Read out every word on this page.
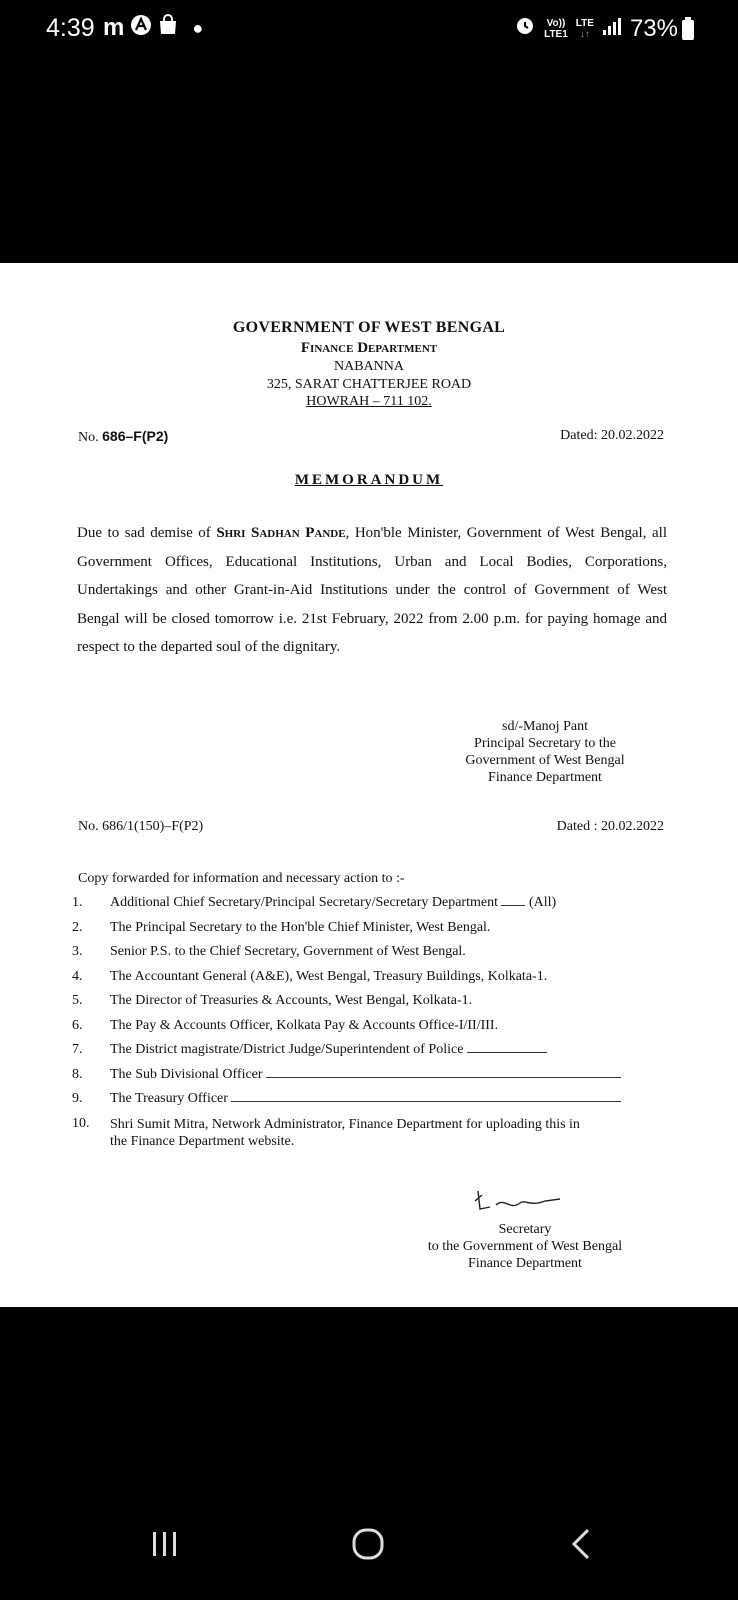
4:39 m	●	Vo))
LTE1
LTE
↓↑ 73%
GOVERNMENT OF WEST BENGAL
Finance Department
NABANNA
325, SARAT CHATTERJEE ROAD
HOWRAH – 711 102.
No. 686–F(P2)	Dated: 20.02.2022
MEMORANDUM
Due to sad demise of Shri Sadhan Pande, Hon'ble Minister, Government of West Bengal, all Government Offices, Educational Institutions, Urban and Local Bodies, Corporations, Undertakings and other Grant-in-Aid Institutions under the control of Government of West Bengal will be closed tomorrow i.e. 21st February, 2022 from 2.00 p.m. for paying homage and respect to the departed soul of the dignitary.
sd/-Manoj Pant
Principal Secretary to the
Government of West Bengal
Finance Department
No. 686/1(150)–F(P2)	Dated : 20.02.2022
Copy forwarded for information and necessary action to :-
1.	Additional Chief Secretary/Principal Secretary/Secretary Department (All)
2.	The Principal Secretary to the Hon'ble Chief Minister, West Bengal.
3.	Senior P.S. to the Chief Secretary, Government of West Bengal.
4.	The Accountant General (A&E), West Bengal, Treasury Buildings, Kolkata-1.
5.	The Director of Treasuries & Accounts, West Bengal, Kolkata-1.
6.	The Pay & Accounts Officer, Kolkata Pay & Accounts Office-I/II/III.
7.	The District magistrate/District Judge/Superintendent of Police
8.	The Sub Divisional Officer
9.	The Treasury Officer
10.	Shri Sumit Mitra, Network Administrator, Finance Department for uploading this in the Finance Department website.
Secretary
to the Government of West Bengal
Finance Department
